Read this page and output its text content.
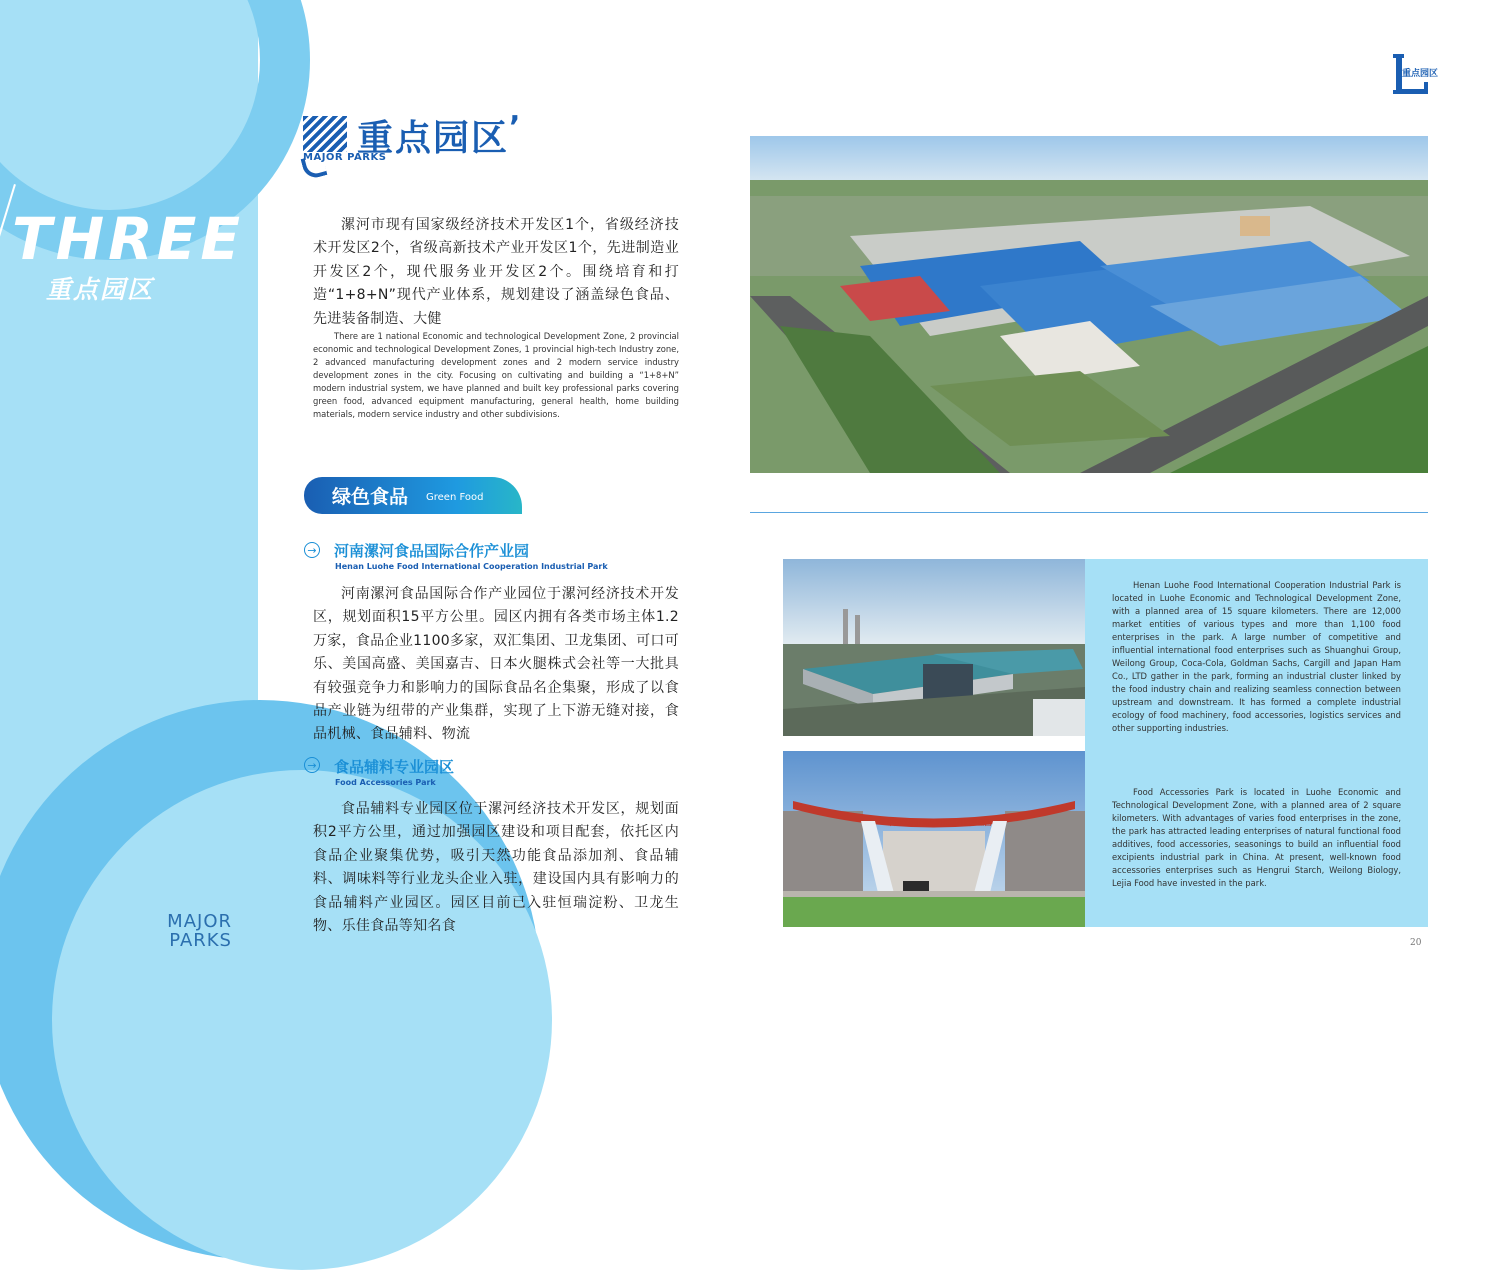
THREE
重点园区
MAJOR
PARKS
重点园区’
MAJOR PARKS
重点园区
漯河市现有国家级经济技术开发区1个，省级经济技术开发区2个，省级高新技术产业开发区1个，先进制造业开发区2个，现代服务业开发区2个。围绕培育和打造“1+8+N”现代产业体系，规划建设了涵盖绿色食品、先进装备制造、大健
There are 1 national Economic and technological Development Zone, 2 provincial economic and technological Development Zones, 1 provincial high-tech Industry zone, 2 advanced manufacturing development zones and 2 modern service industry development zones in the city. Focusing on cultivating and building a “1+8+N” modern industrial system, we have planned and built key professional parks covering green food, advanced equipment manufacturing, general health, home building materials, modern service industry and other subdivisions.
绿色食品 Green Food
→ 河南漯河食品国际合作产业园
Henan Luohe Food International Cooperation Industrial Park
河南漯河食品国际合作产业园位于漯河经济技术开发区，规划面积15平方公里。园区内拥有各类市场主体1.2万家，食品企业1100多家，双汇集团、卫龙集团、可口可乐、美国高盛、美国嘉吉、日本火腿株式会社等一大批具有较强竞争力和影响力的国际食品名企集聚，形成了以食品产业链为纽带的产业集群，实现了上下游无缝对接，食品机械、食品辅料、物流
→ 食品辅料专业园区
Food Accessories Park
食品辅料专业园区位于漯河经济技术开发区，规划面积2平方公里，通过加强园区建设和项目配套，依托区内食品企业聚集优势，吸引天然功能食品添加剂、食品辅料、调味料等行业龙头企业入驻，建设国内具有影响力的食品辅料产业园区。园区目前已入驻恒瑞淀粉、卫龙生物、乐佳食品等知名食
Henan Luohe Food International Cooperation Industrial Park is located in Luohe Economic and Technological Development Zone, with a planned area of 15 square kilometers. There are 12,000 market entities of various types and more than 1,100 food enterprises in the park. A large number of competitive and influential international food enterprises such as Shuanghui Group, Weilong Group, Coca-Cola, Goldman Sachs, Cargill and Japan Ham Co., LTD gather in the park, forming an industrial cluster linked by the food industry chain and realizing seamless connection between upstream and downstream. It has formed a complete industrial ecology of food machinery, food accessories, logistics services and other supporting industries.
Food Accessories Park is located in Luohe Economic and Technological Development Zone, with a planned area of 2 square kilometers. With advantages of varies food enterprises in the zone, the park has attracted leading enterprises of natural functional food additives, food accessories, seasonings to build an influential food excipients industrial park in China. At present, well-known food accessories enterprises such as Hengrui Starch, Weilong Biology, Lejia Food have invested in the park.
中国(漯河)食品和包装机械产业园
20
